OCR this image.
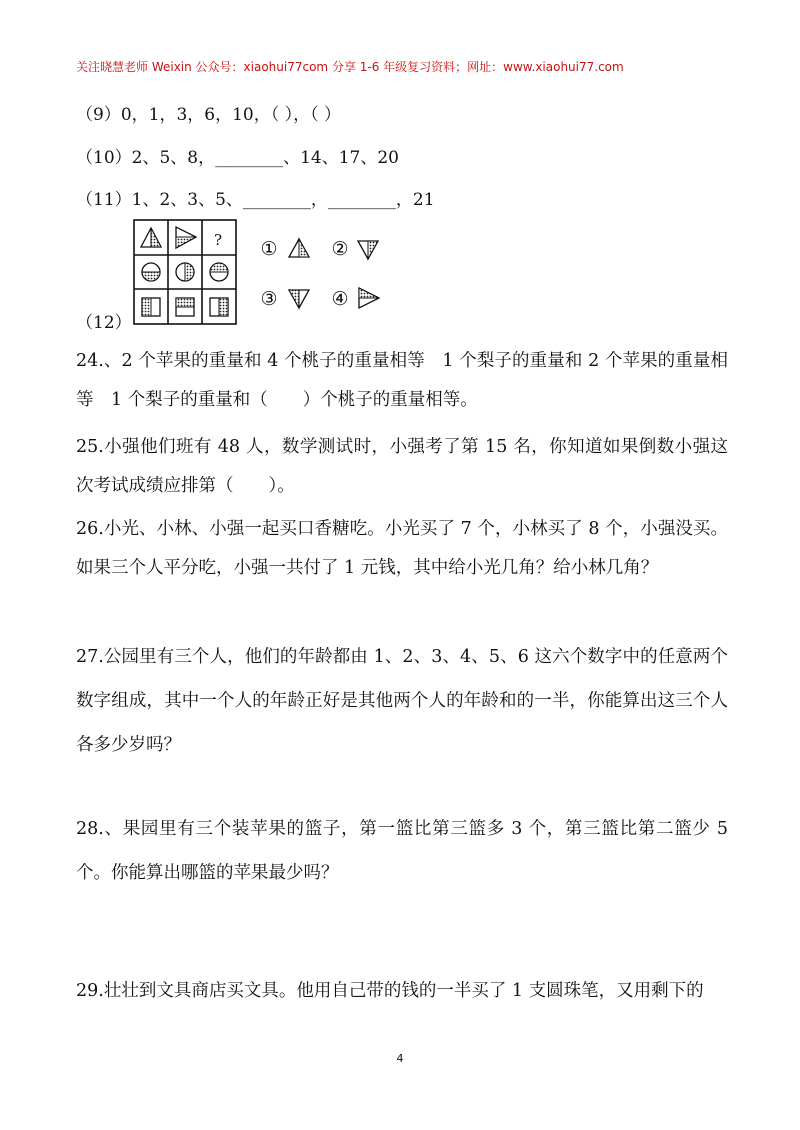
关注晓慧老师 Weixin 公众号：xiaohui77com 分享 1-6 年级复习资料；网址：www.xiaohui77.com
（9）0，1，3，6，10，（ ），（ ）
（10）2、5、8，________、14、17、20
（11）1、2、3、5、________，________，21
（12）
? ①	②
③	④
24.、2 个苹果的重量和 4 个桃子的重量相等　1 个梨子的重量和 2 个苹果的重量相等　1 个梨子的重量和（　　）个桃子的重量相等。
25.小强他们班有 48 人，数学测试时，小强考了第 15 名，你知道如果倒数小强这次考试成绩应排第（　　）。
26.小光、小林、小强一起买口香糖吃。小光买了 7 个，小林买了 8 个，小强没买。如果三个人平分吃，小强一共付了 1 元钱，其中给小光几角？给小林几角？
27.公园里有三个人，他们的年龄都由 1、2、3、4、5、6 这六个数字中的任意两个数字组成，其中一个人的年龄正好是其他两个人的年龄和的一半，你能算出这三个人各多少岁吗？
28.、果园里有三个装苹果的篮子，第一篮比第三篮多 3 个，第三篮比第二篮少 5 个。你能算出哪篮的苹果最少吗？
29.壮壮到文具商店买文具。他用自己带的钱的一半买了 1 支圆珠笔，又用剩下的
4
